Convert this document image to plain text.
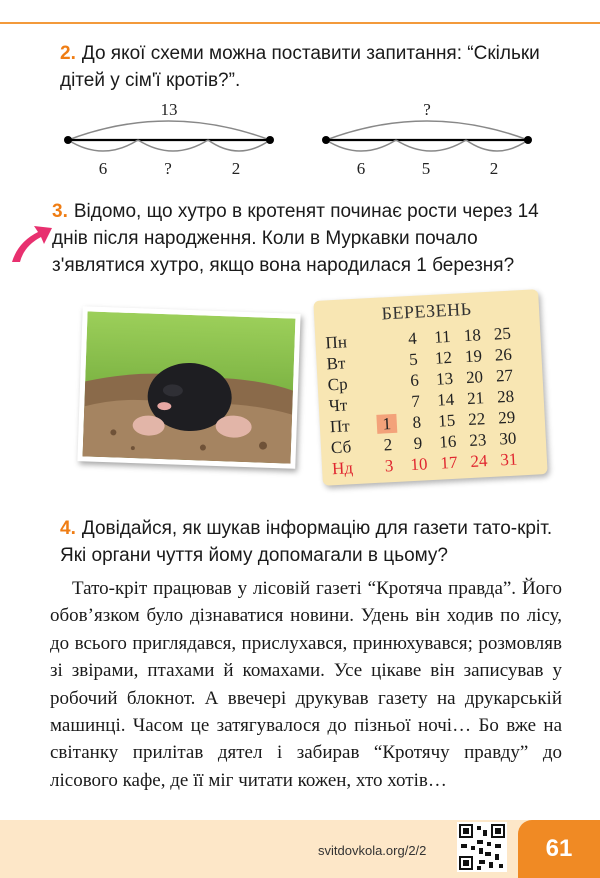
2. До якої схеми можна поставити запитання: “Скільки дітей у сім'ї кротів?”.
13
6	?	2
?
6	5	2
3. Відомо, що хутро в кротенят починає рости через 14 днів після народження. Коли в Муркавки почало з'являтися хутро, якщо вона народилася 1 березня?
БЕРЕЗЕНЬ
Пн		4	11	18	25
Вт		5	12	19	26
Ср		6	13	20	27
Чт		7	14	21	28
Пт	1	8	15	22	29
Сб	2	9	16	23	30
Нд	3	10	17	24	31
4. Довідайся, як шукав інформацію для газети тато-кріт. Які органи чуття йому допомагали в цьому?
Тато-кріт працював у лісовій газеті “Кротяча правда”. Його обов’язком було дізнаватися новини. Удень він ходив по лісу, до всього приглядався, прислухався, принюхувався; розмовляв зі звірами, птахами й комахами. Усе цікаве він записував у робочий блокнот. А ввечері друкував газету на друкарській машинці. Часом це затягувалося до пізньої ночі… Бо вже на світанку прилітав дятел і забирав “Кротячу правду” до лісового кафе, де її міг читати кожен, хто хотів…
svitdovkola.org/2/2	61
